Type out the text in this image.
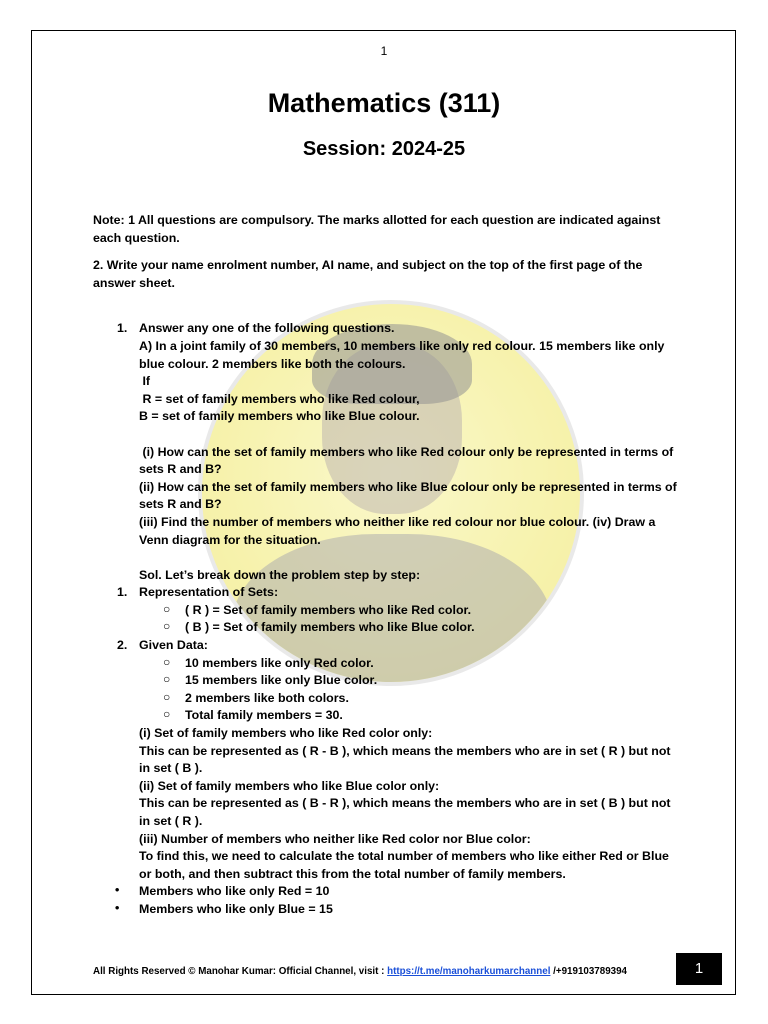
1
Mathematics (311)
Session: 2024-25

Note: 1 All questions are compulsory. The marks allotted for each question are indicated against each question.

2. Write your name enrolment number, AI name, and subject on the top of the first page of the answer sheet.

1. Answer any one of the following questions.

A) In a joint family of 30 members, 10 members like only red colour. 15 members like only blue colour. 2 members like both the colours.

If

R = set of family members who like Red colour,

B = set of family members who like Blue colour.

(i) How can the set of family members who like Red colour only be represented in terms of sets R and B?

(ii) How can the set of family members who like Blue colour only be represented in terms of sets R and B?

(iii) Find the number of members who neither like red colour nor blue colour. (iv) Draw a Venn diagram for the situation.

Sol. Let’s break down the problem step by step:

1. Representation of Sets:

○ ( R ) = Set of family members who like Red color.
○ ( B ) = Set of family members who like Blue color.
2. Given Data:

○ 10 members like only Red color.
○ 15 members like only Blue color.
○ 2 members like both colors.
○ Total family members = 30.

(i) Set of family members who like Red color only:

This can be represented as ( R - B ), which means the members who are in set ( R ) but not in set ( B ).

(ii) Set of family members who like Blue color only:

This can be represented as ( B - R ), which means the members who are in set ( B ) but not in set ( R ).

(iii) Number of members who neither like Red color nor Blue color:

To find this, we need to calculate the total number of members who like either Red or Blue or both, and then subtract this from the total number of family members.

• Members who like only Red = 10
• Members who like only Blue = 15
All Rights Reserved © Manohar Kumar: Official Channel, visit : https://t.me/manoharkumarchannel /+919103789394	1
